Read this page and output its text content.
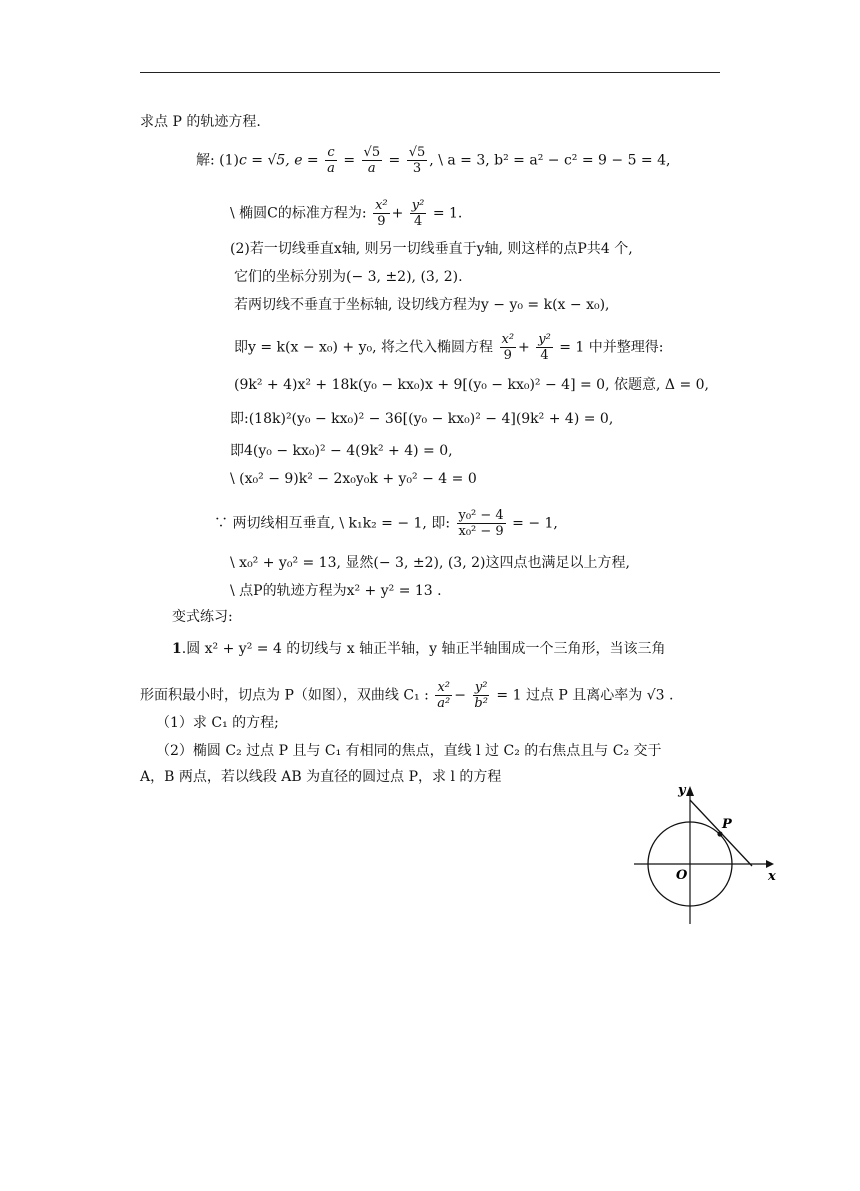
求点 P 的轨迹方程.
解: (1)c = √5, $e = \frac{c}{a} = \frac{√5}{a} = \frac{√5}{3}$ , \ a = 3, b² = a² − c² = 9 − 5 = 4,
\ 椭圆C的标准方程为: $\frac{\text{x²}}{9} + \frac{\text{y²}}{4} = 1$.
(2)若一切线垂直x轴, 则另一切线垂直于y轴, 则这样的点P共4 个,
它们的坐标分别为(− 3, ±2), (3, 2).
若两切线不垂直于坐标轴, 设切线方程为y − y₀ = k(x − x₀),
即y = k(x − x₀) + y₀, 将之代入椭圆方程 $\frac{\text{x²}}{9} + \frac{\text{y²}}{4} = 1$ 中并整理得:
(9k² + 4)x² + 18k(y₀ − kx₀)x + 9[(y₀ − kx₀)² − 4] = 0, 依题意, Δ = 0,
即:(18k)²(y₀ − kx₀)² − 36[(y₀ − kx₀)² − 4](9k² + 4) = 0,
即4(y₀ − kx₀)² − 4(9k² + 4) = 0,
\ (x₀² − 9)k² − 2x₀y₀k + y₀² − 4 = 0
∵ 两切线相互垂直, \ k₁k₂ = − 1, 即: $\frac{\text{y₀² − 4}}{\text{x₀² − 9}}$ = − 1,
\ x₀² + y₀² = 13, 显然(− 3, ±2), (3, 2)这四点也满足以上方程,
\ 点P的轨迹方程为x² + y² = 13 .
变式练习:
1.圆 x² + y² = 4 的切线与 x 轴正半轴，y 轴正半轴围成一个三角形，当该三角
形面积最小时，切点为 P（如图），双曲线 C₁ : $\frac{\text{x²}}{\text{a²}} - \frac{\text{y²}}{\text{b²}} = 1$ 过点 P 且离心率为 √3 .
（1）求 C₁ 的方程;
（2）椭圆 C₂ 过点 P 且与 C₁ 有相同的焦点，直线 l 过 C₂ 的右焦点且与 C₂ 交于
A，B 两点，若以线段 AB 为直径的圆过点 P，求 l 的方程
y
x
O
P
